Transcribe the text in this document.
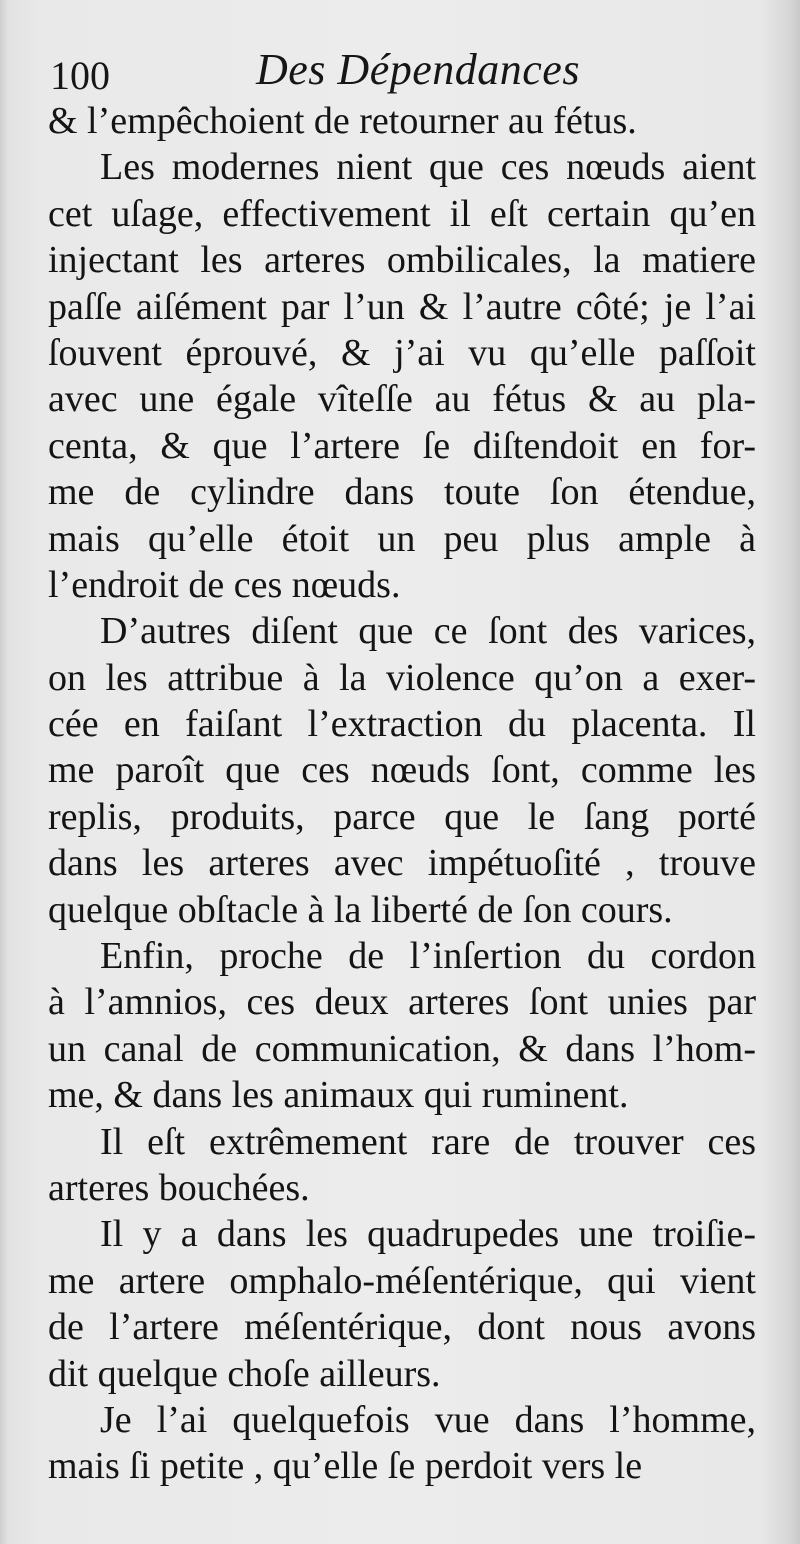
100	Des Dépendances
& l’empêchoient de retourner au fétus.
Les modernes nient que ces nœuds aient
cet uſage, effectivement il eſt certain qu’en
injectant les arteres ombilicales, la matiere
paſſe aiſément par l’un & l’autre côté; je l’ai
ſouvent éprouvé, & j’ai vu qu’elle paſſoit
avec une égale vîteſſe au fétus & au pla-
centa, & que l’artere ſe diſtendoit en for-
me de cylindre dans toute ſon étendue,
mais qu’elle étoit un peu plus ample à
l’endroit de ces nœuds.
D’autres diſent que ce ſont des varices,
on les attribue à la violence qu’on a exer-
cée en faiſant l’extraction du placenta. Il
me paroît que ces nœuds ſont, comme les
replis, produits, parce que le ſang porté
dans les arteres avec impétuoſité , trouve
quelque obſtacle à la liberté de ſon cours.
Enfin, proche de l’inſertion du cordon
à l’amnios, ces deux arteres ſont unies par
un canal de communication, & dans l’hom-
me, & dans les animaux qui ruminent.
Il eſt extrêmement rare de trouver ces
arteres bouchées.
Il y a dans les quadrupedes une troiſie-
me artere omphalo-méſentérique, qui vient
de l’artere méſentérique, dont nous avons
dit quelque choſe ailleurs.
Je l’ai quelquefois vue dans l’homme,
mais ſi petite , qu’elle ſe perdoit vers le
